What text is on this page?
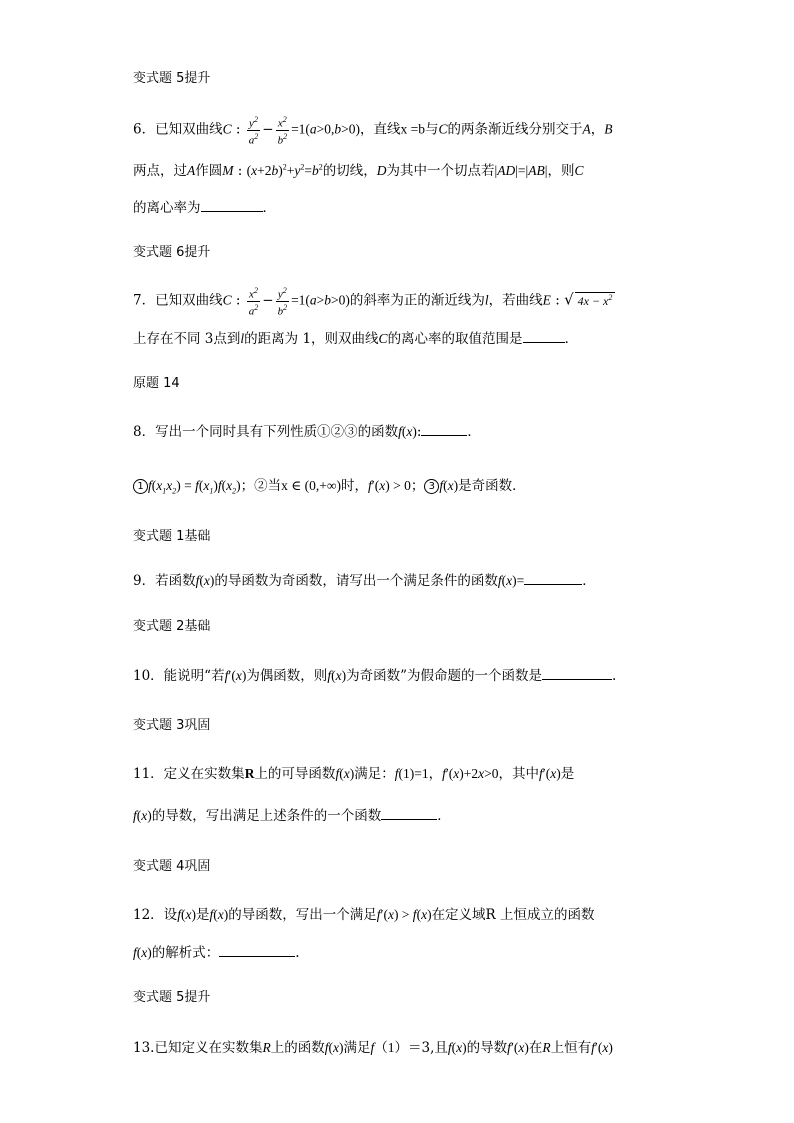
变式题 5提升
6．已知双曲线C : $\frac{y^2}{a^2} - \frac{x^2}{b^2} =1(a>0,b>0)$，直线x =b与C的两条渐近线分别交于A，B
两点，过A作圆M : $(x+2b)^2+y^2=b^2$的切线，D为其中一个切点若|AD|=|AB|，则C
的离心率为	．
变式题 6提升
7．已知双曲线C : $\frac{x^2}{a^2} - \frac{y^2}{b^2} =1(a>b>0)$的斜率为正的渐近线为l，若曲线E : √ $4x - x^2$
上存在不同 3点到l的距离为 1，则双曲线C的离心率的取值范围是	．
原题 14
8．写出一个同时具有下列性质①②③的函数f(x):	．
1 $f(x_1x_2) = f(x_1)f(x_2)$；②当x ∈ (0,+∞)时，f′(x) > 0； 3 f(x)是奇函数．
变式题 1基础
9．若函数f(x)的导函数为奇函数，请写出一个满足条件的函数f(x)=	．
变式题 2基础
10．能说明“若f′(x)为偶函数，则f(x)为奇函数”为假命题的一个函数是	.
变式题 3巩固
11．定义在实数集R上的可导函数f(x)满足：f(1)=1，f′(x)+2x>0，其中f′(x)是
f(x)的导数，写出满足上述条件的一个函数	．
变式题 4巩固
12．设f(x)是f(x)的导函数，写出一个满足f′(x) > f(x)在定义域R 上恒成立的函数
f(x)的解析式：	.
变式题 5提升
13.已知定义在实数集R上的函数f(x)满足f（1）＝3,且f(x)的导数f′(x)在R上恒有f′(x)
